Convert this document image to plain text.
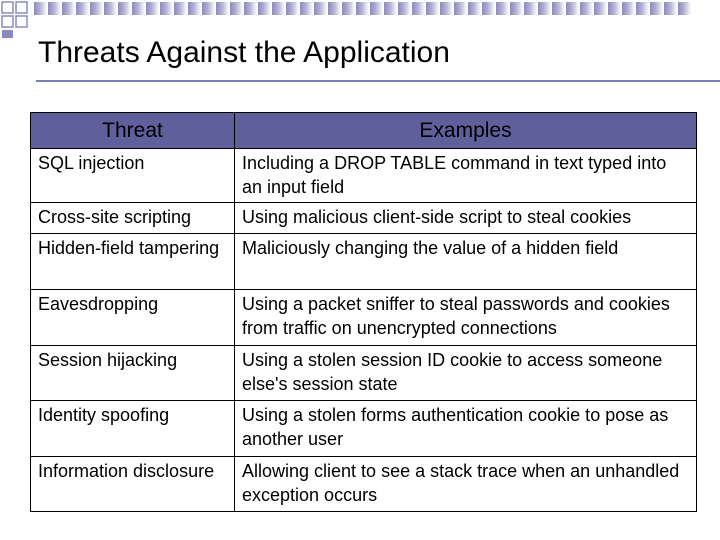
Threats Against the Application
Threat	Examples
SQL injection	Including a DROP TABLE command in text typed into an input field
Cross-site scripting	Using malicious client-side script to steal cookies
Hidden-field tampering	Maliciously changing the value of a hidden field
Eavesdropping	Using a packet sniffer to steal passwords and cookies from traffic on unencrypted connections
Session hijacking	Using a stolen session ID cookie to access someone else's session state
Identity spoofing	Using a stolen forms authentication cookie to pose as another user
Information disclosure	Allowing client to see a stack trace when an unhandled exception occurs
